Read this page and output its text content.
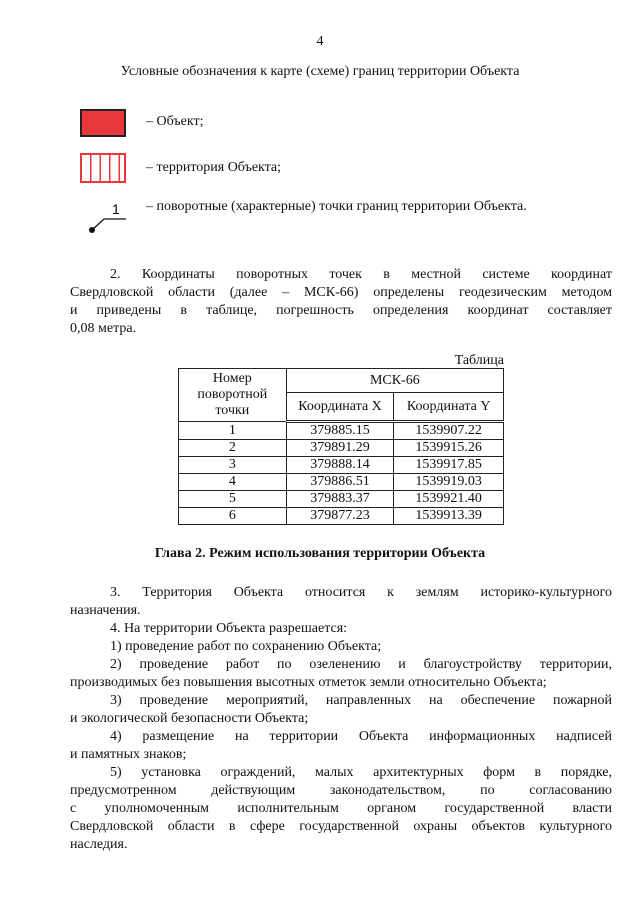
4
Условные обозначения к карте (схеме) границ территории Объекта
– Объект;
– территория Объекта;
1 – поворотные (характерные) точки границ территории Объекта.
2. Координаты поворотных точек в местной системе координат
Свердловской области (далее – МСК-66) определены геодезическим методом
и приведены в таблице, погрешность определения координат составляет
0,08 метра.
Таблица
Номер поворотной точки	МСК-66	
	Координата X	Координата Y
1	379885.15	1539907.22
2	379891.29	1539915.26
3	379888.14	1539917.85
4	379886.51	1539919.03
5	379883.37	1539921.40
6	379877.23	1539913.39
Глава 2. Режим использования территории Объекта
3. Территория Объекта относится к землям историко-культурного
назначения.
4. На территории Объекта разрешается:
1) проведение работ по сохранению Объекта;
2) проведение работ по озеленению и благоустройству территории,
производимых без повышения высотных отметок земли относительно Объекта;
3) проведение мероприятий, направленных на обеспечение пожарной
и экологической безопасности Объекта;
4) размещение на территории Объекта информационных надписей
и памятных знаков;
5) установка ограждений, малых архитектурных форм в порядке,
предусмотренном действующим законодательством, по согласованию
с уполномоченным исполнительным органом государственной власти
Свердловской области в сфере государственной охраны объектов культурного
наследия.
